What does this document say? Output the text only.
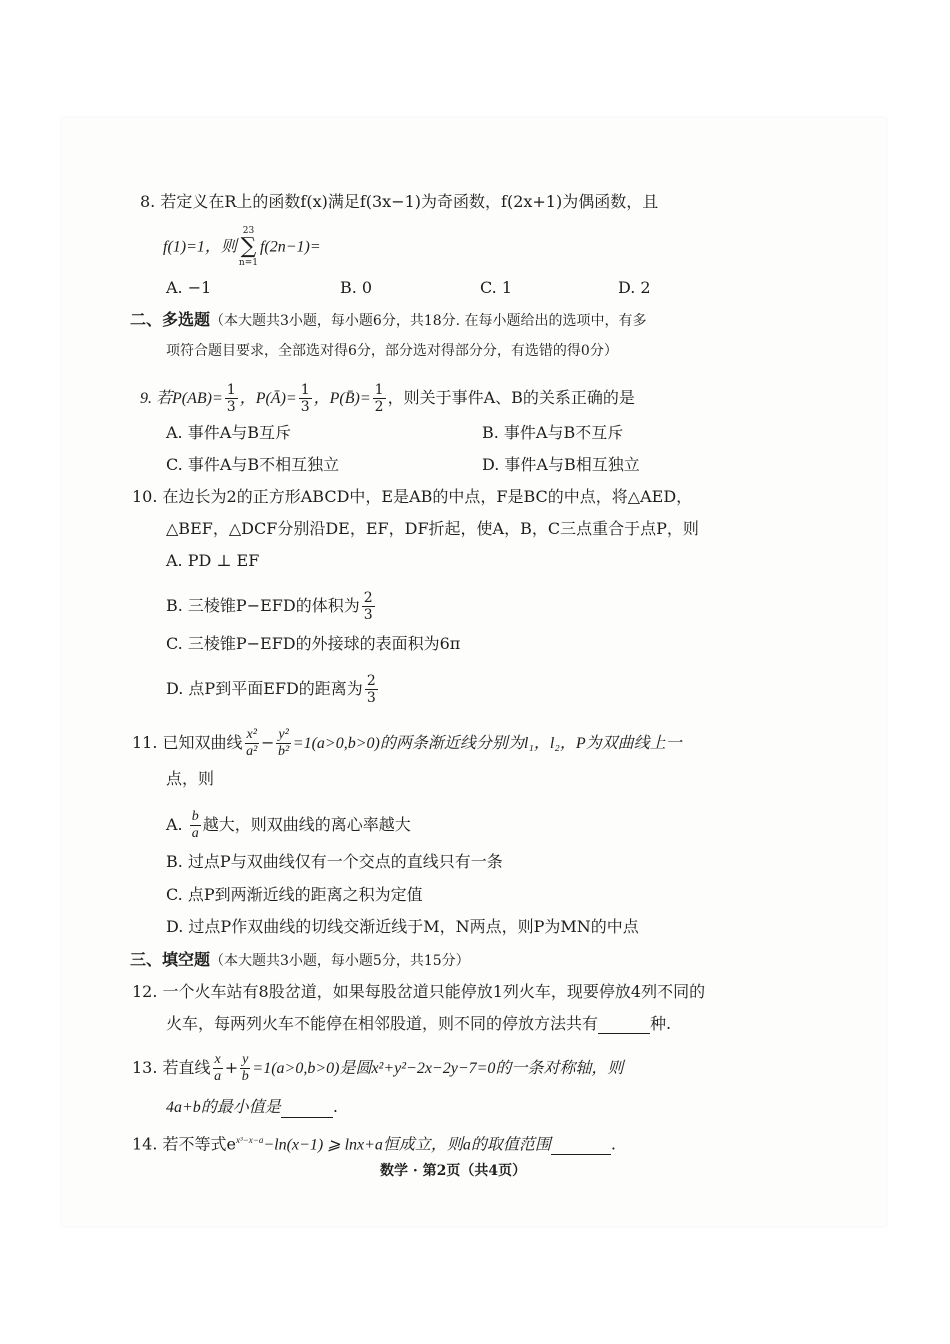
8. 若定义在R上的函数f(x)满足f(3x−1)为奇函数，f(2x+1)为偶函数，且
f(1)=1，则23
∑
n=1f(2n−1)=
A. −1	B. 0	C. 1	D. 2
二、多选题（本大题共3小题，每小题6分，共18分. 在每小题给出的选项中，有多
项符合题目要求，全部选对得6分，部分选对得部分分，有选错的得0分）
9. 若$P(AB)= \frac{1}{3}$ ，P(Ā)= $\frac{1}{3}$ ，P(B̄)= $\frac{1}{2}$ ，则关于事件A、B的关系正确的是
A. 事件A与B互斥	B. 事件A与B不互斥
C. 事件A与B不相互独立	D. 事件A与B相互独立
10. 在边长为2的正方形ABCD中，E是AB的中点，F是BC的中点，将△AED，
△BEF，△DCF分别沿DE，EF，DF折起，使A，B，C三点重合于点P，则
A. PD ⊥ EF
B. 三棱锥P−EFD的体积为 $\frac{2}{3}$
C. 三棱锥P−EFD的外接球的表面积为6π
D. 点P到平面EFD的距离为 $\frac{2}{3}$
11. 已知双曲线 $\frac{\text{x²}}{\text{a²}} - \frac{\text{y²}}{\text{b²}} =1(a>0,b>0)$的两条渐近线分别为l₁，l₂，P为双曲线上一
点，则
A. $\frac{b}{a}$ 越大，则双曲线的离心率越大
B. 过点P与双曲线仅有一个交点的直线只有一条
C. 点P到两渐近线的距离之积为定值
D. 过点P作双曲线的切线交渐近线于M，N两点，则P为MN的中点
三、填空题（本大题共3小题，每小题5分，共15分）
12. 一个火车站有8股岔道，如果每股岔道只能停放1列火车，现要停放4列不同的
火车，每两列火车不能停在相邻股道，则不同的停放方法共有	种.
13. 若直线 $\frac{x}{a} + \frac{y}{b} =1(a>0,b>0)$是圆x²+y²−2x−2y−7=0的一条对称轴，则
4a+b的最小值是	.
14. 若不等式$e^{x^3-x-a}-\ln(x-1)$ ⩾ lnx+a恒成立，则a的取值范围	.
数学 · 第2页（共4页）
